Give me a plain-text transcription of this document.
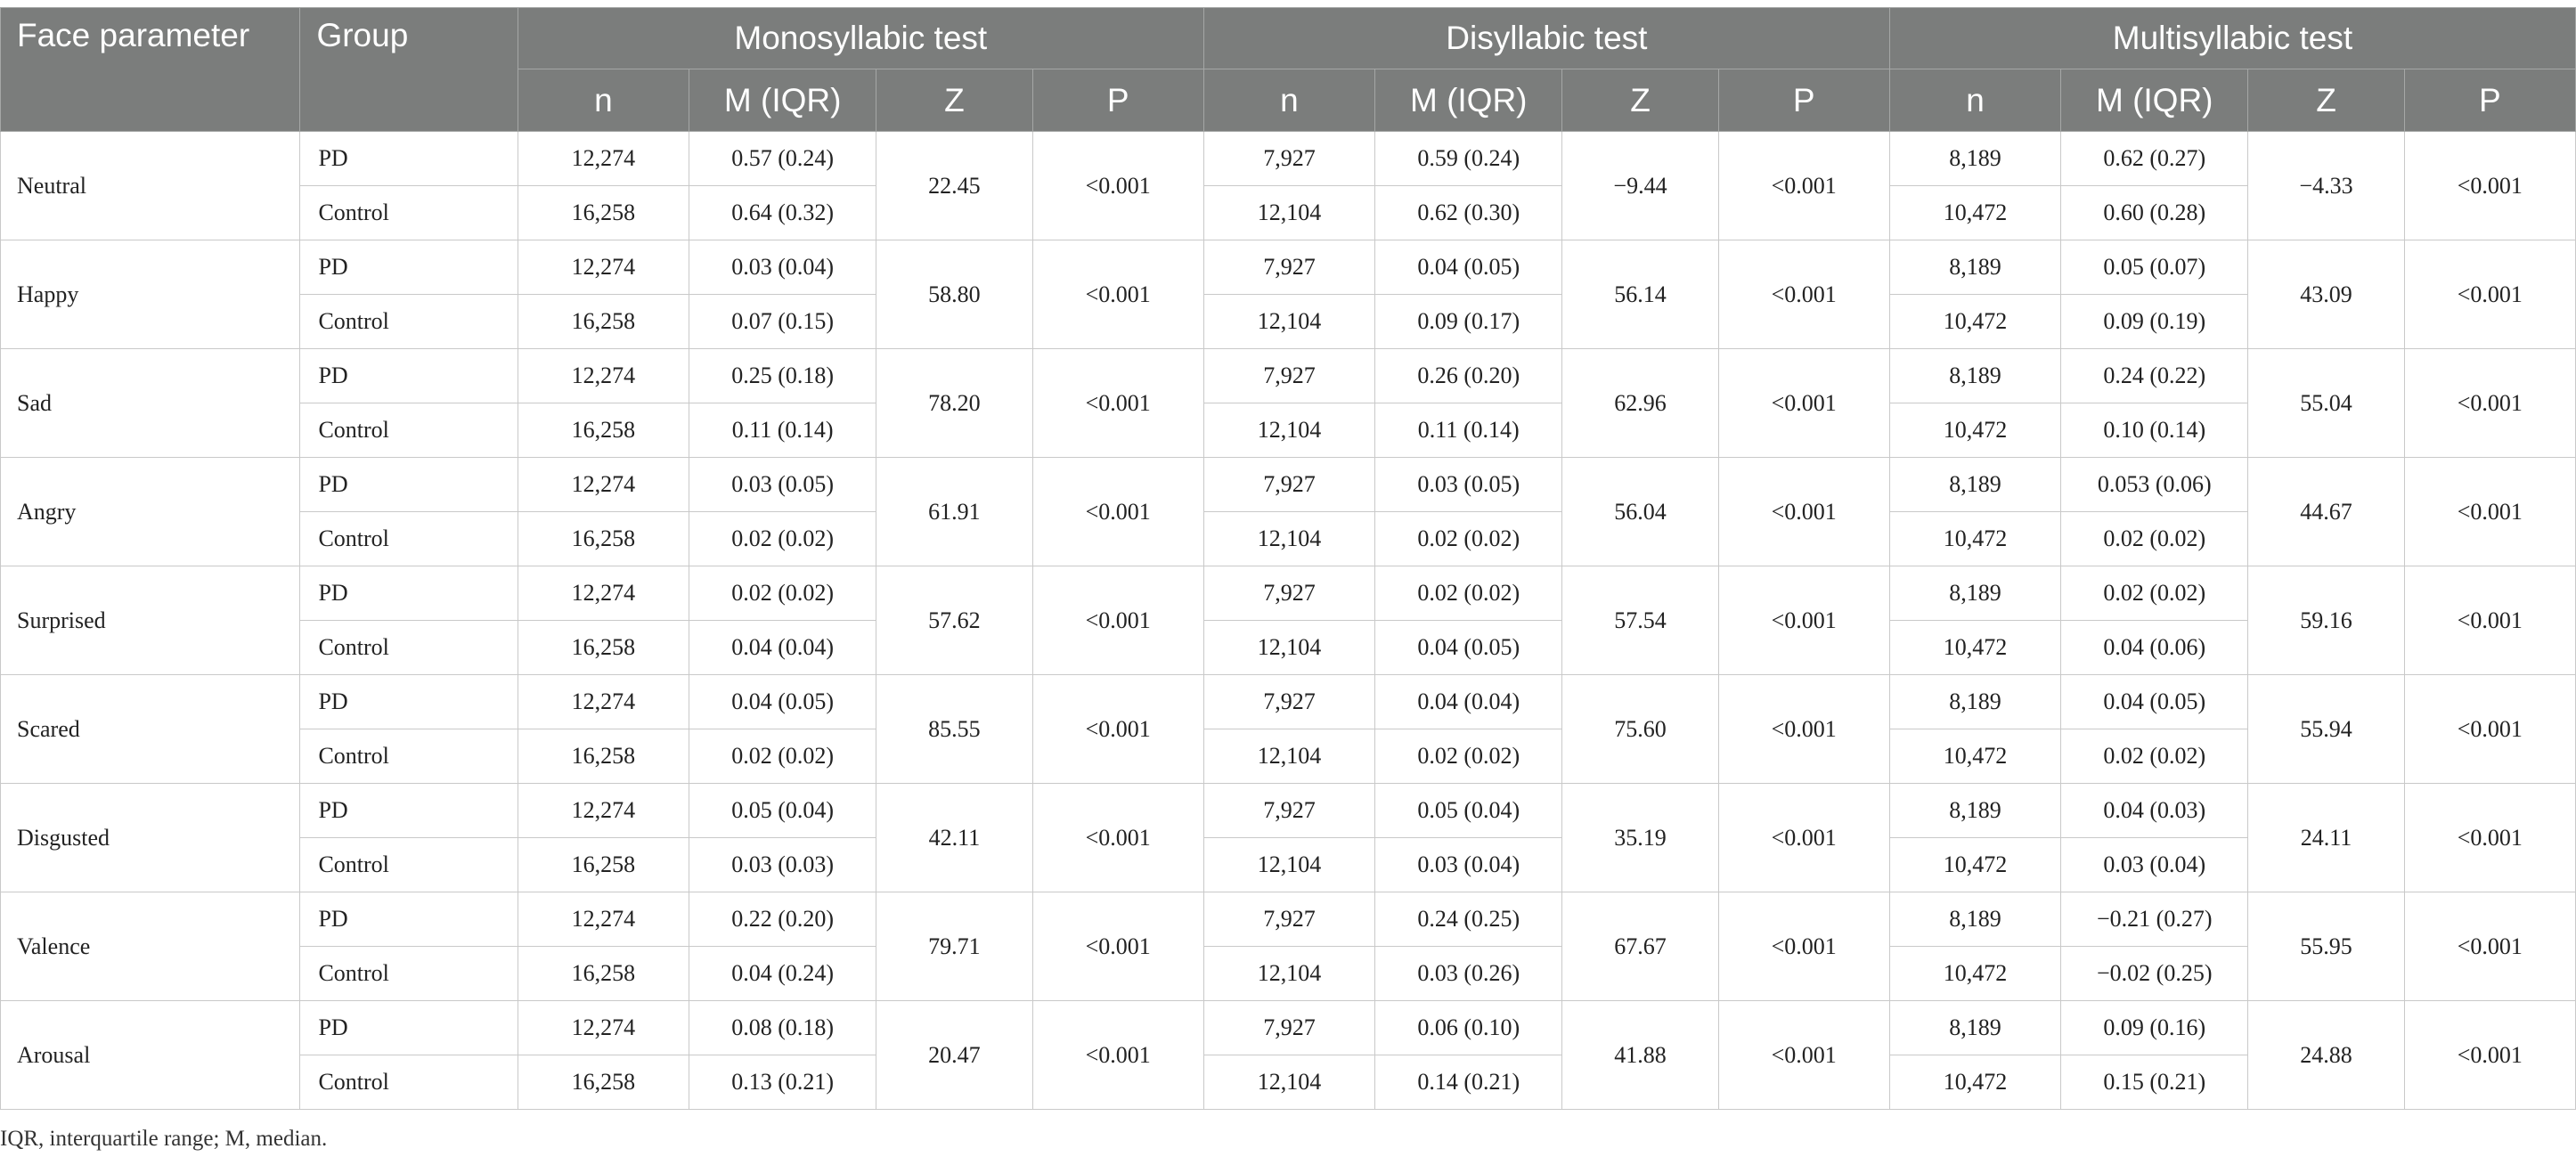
Face parameter	Group	Monosyllabic test				Disyllabic test				Multisyllabic test			
		n	M (IQR)	Z	P	n	M (IQR)	Z	P	n	M (IQR)	Z	P
Neutral	PD	12,274	0.57 (0.24)	22.45	<0.001	7,927	0.59 (0.24)	−9.44	<0.001	8,189	0.62 (0.27)	−4.33	<0.001
	Control	16,258	0.64 (0.32)			12,104	0.62 (0.30)			10,472	0.60 (0.28)		
Happy	PD	12,274	0.03 (0.04)	58.80	<0.001	7,927	0.04 (0.05)	56.14	<0.001	8,189	0.05 (0.07)	43.09	<0.001
	Control	16,258	0.07 (0.15)			12,104	0.09 (0.17)			10,472	0.09 (0.19)		
Sad	PD	12,274	0.25 (0.18)	78.20	<0.001	7,927	0.26 (0.20)	62.96	<0.001	8,189	0.24 (0.22)	55.04	<0.001
	Control	16,258	0.11 (0.14)			12,104	0.11 (0.14)			10,472	0.10 (0.14)		
Angry	PD	12,274	0.03 (0.05)	61.91	<0.001	7,927	0.03 (0.05)	56.04	<0.001	8,189	0.053 (0.06)	44.67	<0.001
	Control	16,258	0.02 (0.02)			12,104	0.02 (0.02)			10,472	0.02 (0.02)		
Surprised	PD	12,274	0.02 (0.02)	57.62	<0.001	7,927	0.02 (0.02)	57.54	<0.001	8,189	0.02 (0.02)	59.16	<0.001
	Control	16,258	0.04 (0.04)			12,104	0.04 (0.05)			10,472	0.04 (0.06)		
Scared	PD	12,274	0.04 (0.05)	85.55	<0.001	7,927	0.04 (0.04)	75.60	<0.001	8,189	0.04 (0.05)	55.94	<0.001
	Control	16,258	0.02 (0.02)			12,104	0.02 (0.02)			10,472	0.02 (0.02)		
Disgusted	PD	12,274	0.05 (0.04)	42.11	<0.001	7,927	0.05 (0.04)	35.19	<0.001	8,189	0.04 (0.03)	24.11	<0.001
	Control	16,258	0.03 (0.03)			12,104	0.03 (0.04)			10,472	0.03 (0.04)		
Valence	PD	12,274	0.22 (0.20)	79.71	<0.001	7,927	0.24 (0.25)	67.67	<0.001	8,189	−0.21 (0.27)	55.95	<0.001
	Control	16,258	0.04 (0.24)			12,104	0.03 (0.26)			10,472	−0.02 (0.25)		
Arousal	PD	12,274	0.08 (0.18)	20.47	<0.001	7,927	0.06 (0.10)	41.88	<0.001	8,189	0.09 (0.16)	24.88	<0.001
	Control	16,258	0.13 (0.21)			12,104	0.14 (0.21)			10,472	0.15 (0.21)		
IQR, interquartile range; M, median.
